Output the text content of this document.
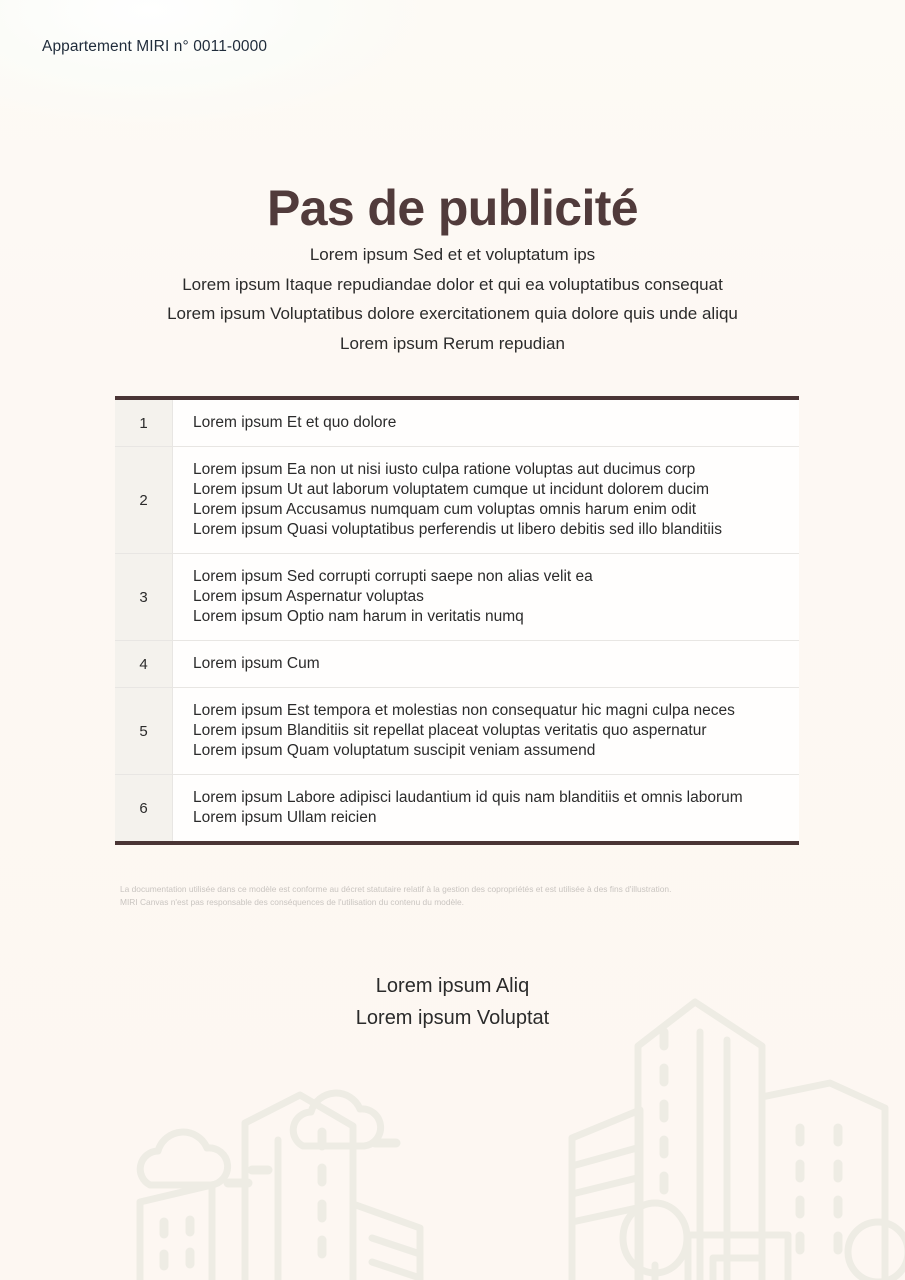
Appartement MIRI n° 0011-0000
Pas de publicité
Lorem ipsum Sed et et voluptatum ips
Lorem ipsum Itaque repudiandae dolor et qui ea voluptatibus consequat
Lorem ipsum Voluptatibus dolore exercitationem quia dolore quis unde aliqu
Lorem ipsum Rerum repudian
1	Lorem ipsum Et et quo dolore

2

Lorem ipsum Ea non ut nisi iusto culpa ratione voluptas aut ducimus corp

Lorem ipsum Ut aut laborum voluptatem cumque ut incidunt dolorem ducim

Lorem ipsum Accusamus numquam cum voluptas omnis harum enim odit

Lorem ipsum Quasi voluptatibus perferendis ut libero debitis sed illo blanditiis

3

Lorem ipsum Sed corrupti corrupti saepe non alias velit ea

Lorem ipsum Aspernatur voluptas

Lorem ipsum Optio nam harum in veritatis numq

4	Lorem ipsum Cum

5

Lorem ipsum Est tempora et molestias non consequatur hic magni culpa neces

Lorem ipsum Blanditiis sit repellat placeat voluptas veritatis quo aspernatur

Lorem ipsum Quam voluptatum suscipit veniam assumend

6

Lorem ipsum Labore adipisci laudantium id quis nam blanditiis et omnis laborum

Lorem ipsum Ullam reicien

La documentation utilisée dans ce modèle est conforme au décret statutaire relatif à la gestion des copropriétés et est utilisée à des fins d'illustration.
MIRI Canvas n'est pas responsable des conséquences de l'utilisation du contenu du modèle.
Lorem ipsum Aliq
Lorem ipsum Voluptat
